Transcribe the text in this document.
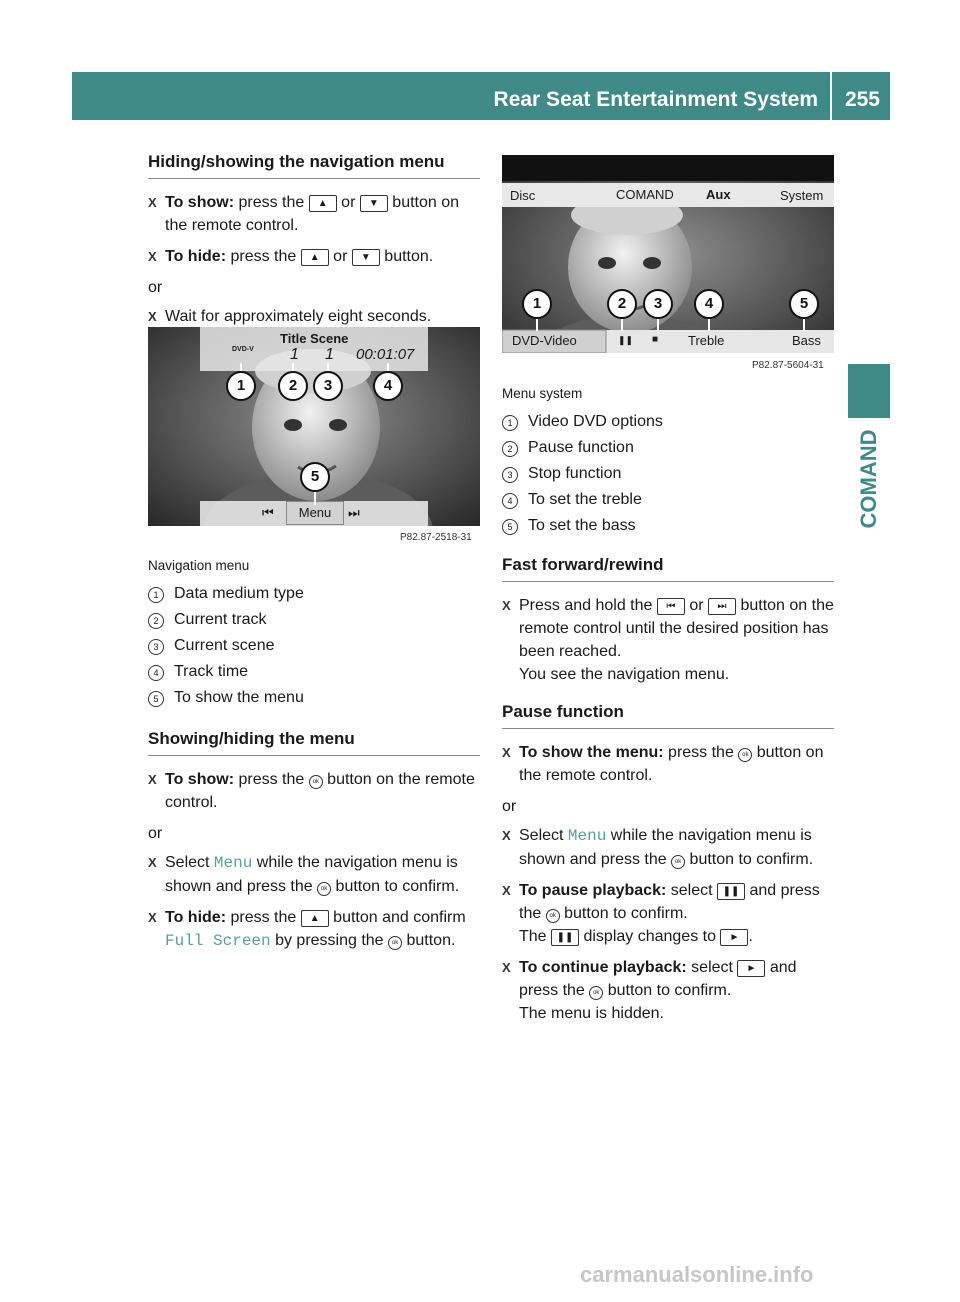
Rear Seat Entertainment System 255
COMAND
Hiding/showing the navigation menu
X To show: press the ▲ or ▼ button on the remote control.
X To hide: press the ▲ or ▼ button.
or
X Wait for approximately eight seconds.
Title Scene
DVD-V 1 1 00:01:07
⏮	Menu	⏭
1	2	3	4
5
P82.87-2518-31
Navigation menu
1 Data medium type
2 Current track
3 Current scene
4 Track time
5 To show the menu
Showing/hiding the menu
X To show: press the ok button on the remote control.
or
X Select Menu while the navigation menu is shown and press the ok button to confirm.
X To hide: press the ▲ button and confirm Full Screen by pressing the ok button.
Disc	COMAND Aux	System
DVD-Video	❚❚ ■ Treble	Bass
1	2	3	4	5
P82.87-5604-31
Menu system
1 Video DVD options
2 Pause function
3 Stop function
4 To set the treble
5 To set the bass
Fast forward/rewind
X Press and hold the ⏮ or ⏭ button on the remote control until the desired position has been reached.
You see the navigation menu.
Pause function
X To show the menu: press the ok button on the remote control.
or
X Select Menu while the navigation menu is shown and press the ok button to confirm.
X To pause playback: select ❚❚ and press the ok button to confirm.
The ❚❚ display changes to ► .
X To continue playback: select ► and press the ok button to confirm.
The menu is hidden.
carmanualsonline.info
